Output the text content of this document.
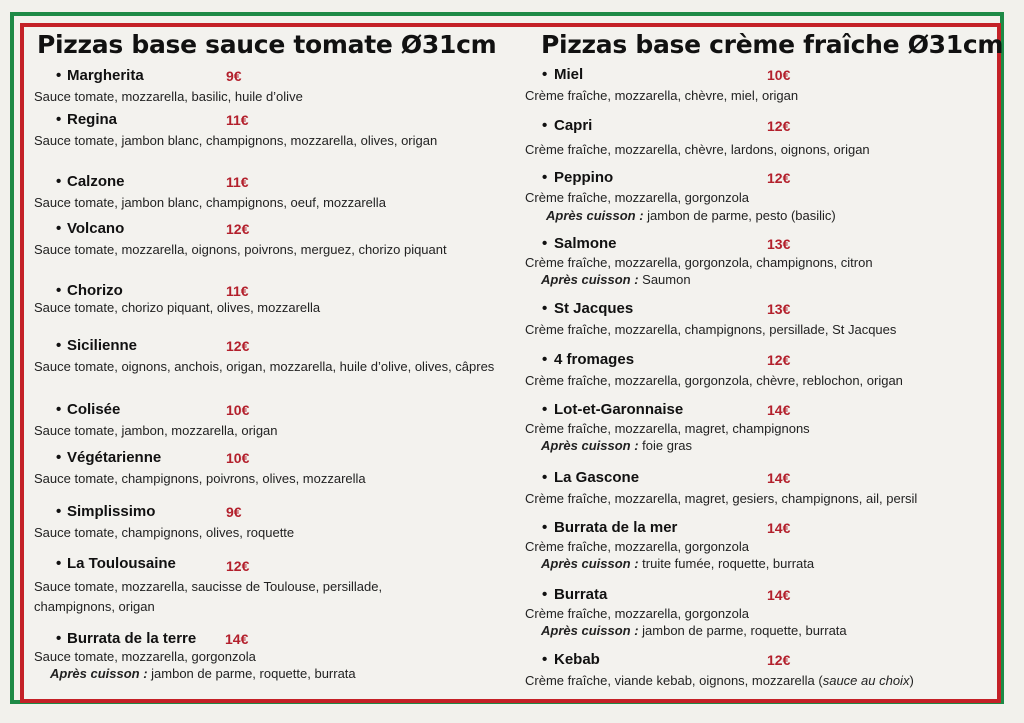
Pizzas base sauce tomate Ø31cm
• Margherita	9€
Sauce tomate, mozzarella, basilic, huile d’olive
• Regina	11€
Sauce tomate, jambon blanc, champignons, mozzarella, olives, origan
• Calzone	11€
Sauce tomate, jambon blanc, champignons, oeuf, mozzarella
• Volcano	12€
Sauce tomate, mozzarella, oignons, poivrons, merguez, chorizo piquant
• Chorizo	11€
Sauce tomate, chorizo piquant, olives, mozzarella
• Sicilienne	12€
Sauce tomate, oignons, anchois, origan, mozzarella, huile d’olive, olives, câpres
• Colisée	10€
Sauce tomate, jambon, mozzarella, origan
• Végétarienne	10€
Sauce tomate, champignons, poivrons, olives, mozzarella
• Simplissimo	9€
Sauce tomate, champignons, olives, roquette
• La Toulousaine	12€
Sauce tomate, mozzarella, saucisse de Toulouse, persillade, champignons, origan
• Burrata de la terre 14€
Sauce tomate, mozzarella, gorgonzola
Après cuisson : jambon de parme, roquette, burrata
Pizzas base crème fraîche Ø31cm
• Miel	10€
Crème fraîche, mozzarella, chèvre, miel, origan
• Capri	12€
Crème fraîche, mozzarella, chèvre, lardons, oignons, origan
• Peppino	12€
Crème fraîche, mozzarella, gorgonzola
Après cuisson : jambon de parme, pesto (basilic)
• Salmone	13€
Crème fraîche, mozzarella, gorgonzola, champignons, citron
Après cuisson : Saumon
• St Jacques	13€
Crème fraîche, mozzarella, champignons, persillade, St Jacques
• 4 fromages	12€
Crème fraîche, mozzarella, gorgonzola, chèvre, reblochon, origan
• Lot-et-Garonnaise	14€
Crème fraîche, mozzarella, magret, champignons
Après cuisson : foie gras
• La Gascone	14€
Crème fraîche, mozzarella, magret, gesiers, champignons, ail, persil
• Burrata de la mer	14€
Crème fraîche, mozzarella, gorgonzola
Après cuisson : truite fumée, roquette, burrata
• Burrata	14€
Crème fraîche, mozzarella, gorgonzola
Après cuisson : jambon de parme, roquette, burrata
• Kebab	12€
Crème fraîche, viande kebab, oignons, mozzarella (sauce au choix)
